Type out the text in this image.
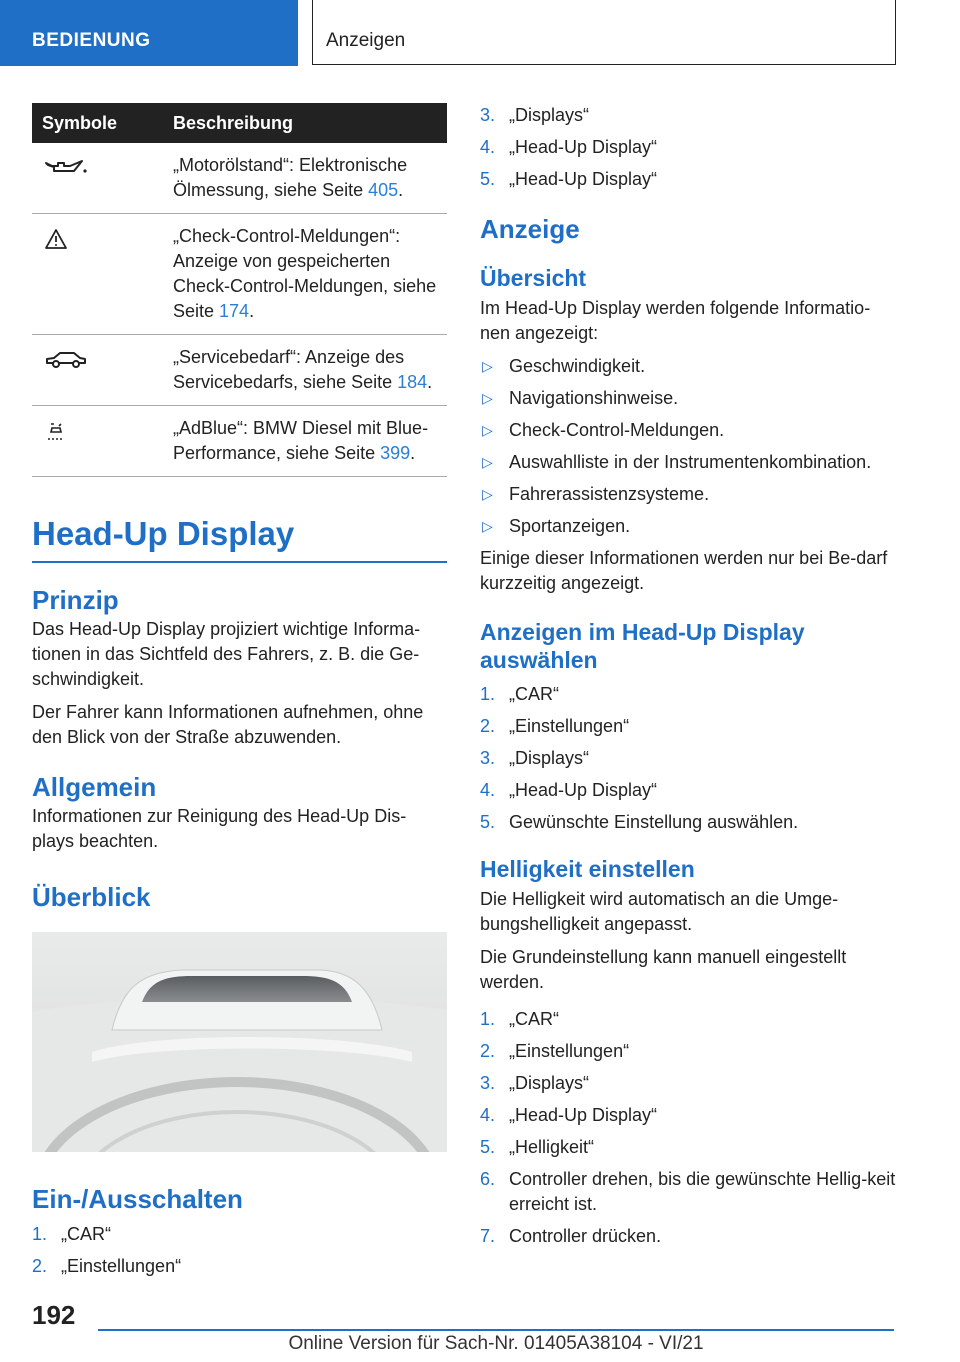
BEDIENUNG	Anzeigen
Symbole	Beschreibung

	„Motorölstand“: Elektronische Ölmessung, siehe Seite 405.

	„Check-Control-Meldungen“: Anzeige von gespeicherten Check-Control-Meldungen, siehe Seite 174.

	„Servicebedarf“: Anzeige des Servicebedarfs, siehe Seite 184.

	„AdBlue“: BMW Diesel mit Blue-Performance, siehe Seite 399.
Head-Up Display
Prinzip

Das Head-Up Display projiziert wichtige Informa-tionen in das Sichtfeld des Fahrers, z. B. die Ge-schwindigkeit.

Der Fahrer kann Informationen aufnehmen, ohne den Blick von der Straße abzuwenden.

Allgemein

Informationen zur Reinigung des Head-Up Dis-plays beachten.

Überblick
Ein-/Ausschalten
1. „CAR“
2. „Einstellungen“
3. „Displays“
4. „Head-Up Display“
5. „Head-Up Display“
Anzeige
Übersicht

Im Head-Up Display werden folgende Informatio-nen angezeigt:

▷ Geschwindigkeit.
▷ Navigationshinweise.
▷ Check-Control-Meldungen.
▷ Auswahlliste in der Instrumentenkombination.
▷ Fahrerassistenzsysteme.
▷ Sportanzeigen.

Einige dieser Informationen werden nur bei Be-darf kurzzeitig angezeigt.

Anzeigen im Head-Up Display auswählen
1. „CAR“
2. „Einstellungen“
3. „Displays“
4. „Head-Up Display“
5. Gewünschte Einstellung auswählen.
Helligkeit einstellen

Die Helligkeit wird automatisch an die Umge-bungshelligkeit angepasst.

Die Grundeinstellung kann manuell eingestellt werden.

1. „CAR“
2. „Einstellungen“
3. „Displays“
4. „Head-Up Display“
5. „Helligkeit“
6. Controller drehen, bis die gewünschte Hellig-keit erreicht ist.
7. Controller drücken.
192
Online Version für Sach-Nr. 01405A38104 - VI/21
